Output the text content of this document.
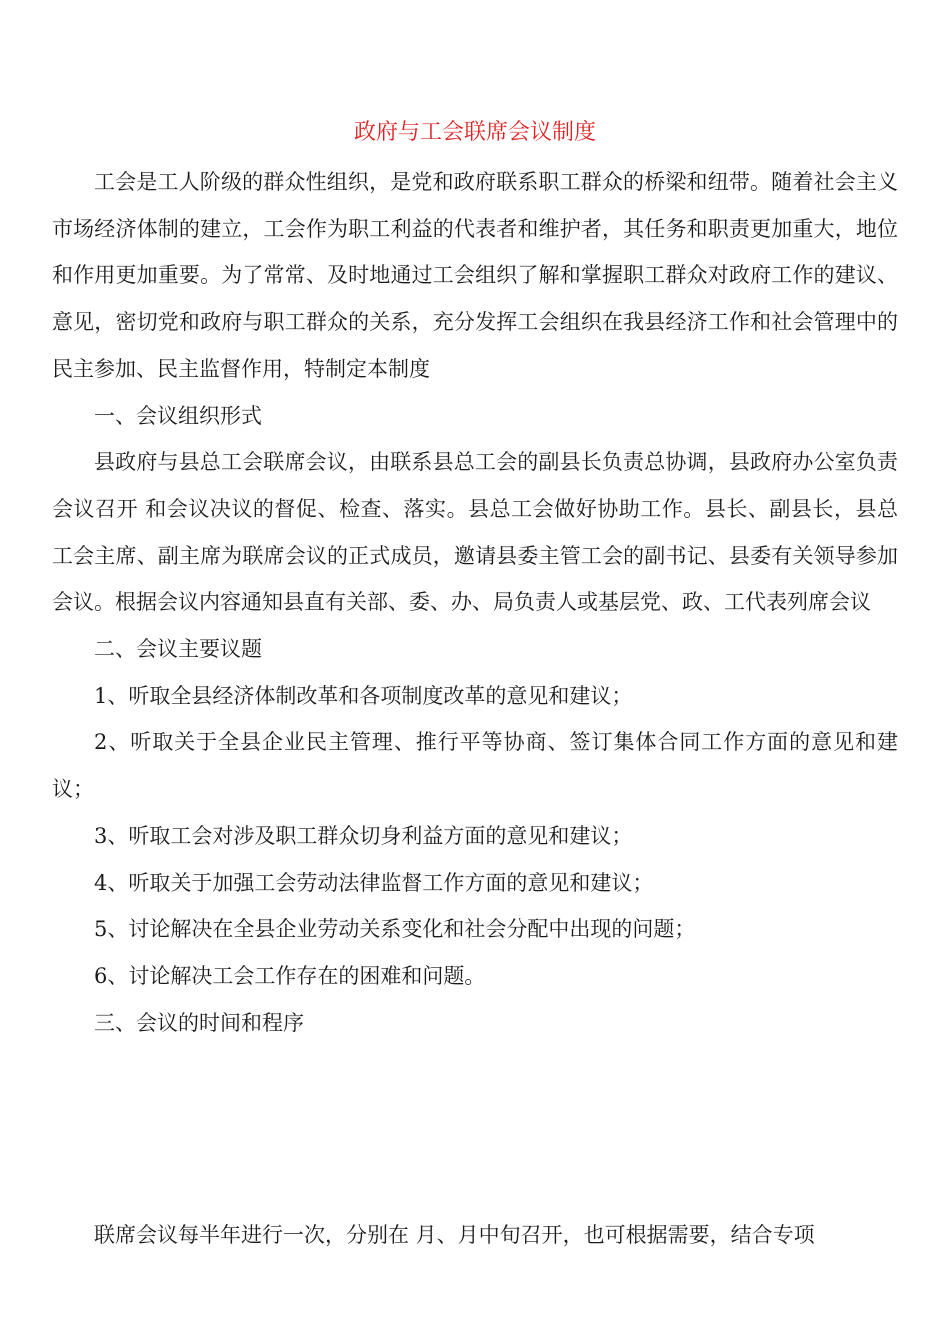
政府与工会联席会议制度

工会是工人阶级的群众性组织，是党和政府联系职工群众的桥梁和纽带。随着社会主义市场经济体制的建立，工会作为职工利益的代表者和维护者，其任务和职责更加重大，地位和作用更加重要。为了常常、及时地通过工会组织了解和掌握职工群众对政府工作的建议、意见，密切党和政府与职工群众的关系，充分发挥工会组织在我县经济工作和社会管理中的民主参加、民主监督作用，特制定本制度

一、会议组织形式

县政府与县总工会联席会议，由联系县总工会的副县长负责总协调，县政府办公室负责会议召开 和会议决议的督促、检查、落实。县总工会做好协助工作。县长、副县长，县总工会主席、副主席为联席会议的正式成员，邀请县委主管工会的副书记、县委有关领导参加会议。根据会议内容通知县直有关部、委、办、局负责人或基层党、政、工代表列席会议

二、会议主要议题

1、听取全县经济体制改革和各项制度改革的意见和建议；

2、听取关于全县企业民主管理、推行平等协商、签订集体合同工作方面的意见和建议；

3、听取工会对涉及职工群众切身利益方面的意见和建议；

4、听取关于加强工会劳动法律监督工作方面的意见和建议；

5、讨论解决在全县企业劳动关系变化和社会分配中出现的问题；

6、讨论解决工会工作存在的困难和问题。

三、会议的时间和程序

联席会议每半年进行一次，分别在 月、月中旬召开，也可根据需要，结合专项
